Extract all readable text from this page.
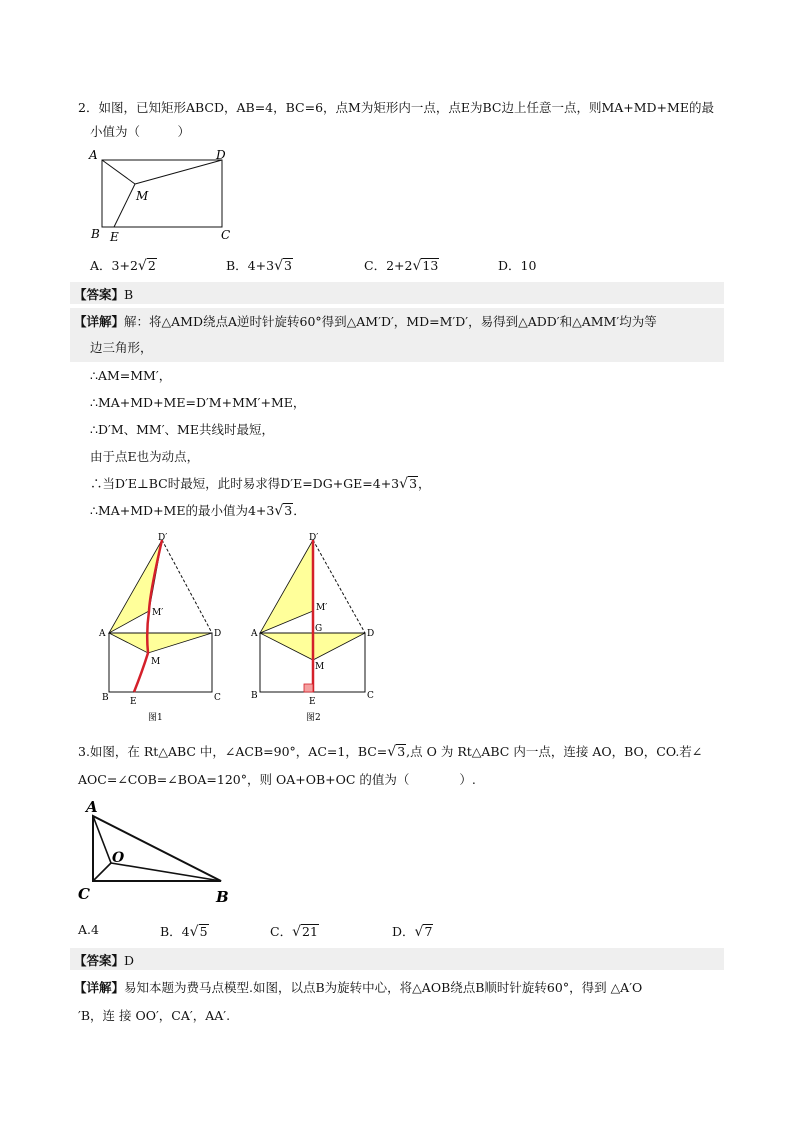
2．如图，已知矩形ABCD，AB=4，BC=6，点M为矩形内一点，点E为BC边上任意一点，则MA+MD+ME的最
小值为（　　　）
A	D
M
B E	C
A．3+2√2	B．4+3√3	C．2+2√13	D．10
【答案】B
【详解】解：将△AMD绕点A逆时针旋转60°得到△AM′D′，MD=M′D′，易得到△ADD′和△AMM′均为等
边三角形，
∴AM=MM′，
∴MA+MD+ME=D′M+MM′+ME，
∴D′M、MM′、ME共线时最短，
由于点E也为动点，
∴当D′E⊥BC时最短，此时易求得D′E=DG+GE=4+3√3，
∴MA+MD+ME的最小值为4+3√3．
D′
M′
A	D
M
B E	C
图1
D′
M′
G
A	D
M
B
E
C
图2
3.如图，在 Rt△ABC 中，∠ACB=90°，AC=1，BC=√3,点 O 为 Rt△ABC 内一点，连接 AO，BO，CO.若∠
AOC=∠COB=∠BOA=120°，则 OA+OB+OC 的值为（　　　　）.
A
O
C	B
A.4	B．4√5	C．√21	D．√7
【答案】D
【详解】易知本题为费马点模型.如图，以点B为旋转中心，将△AOB绕点B顺时针旋转60°，得到 △A′O
′B，连 接 OO′，CA′，AA′.
